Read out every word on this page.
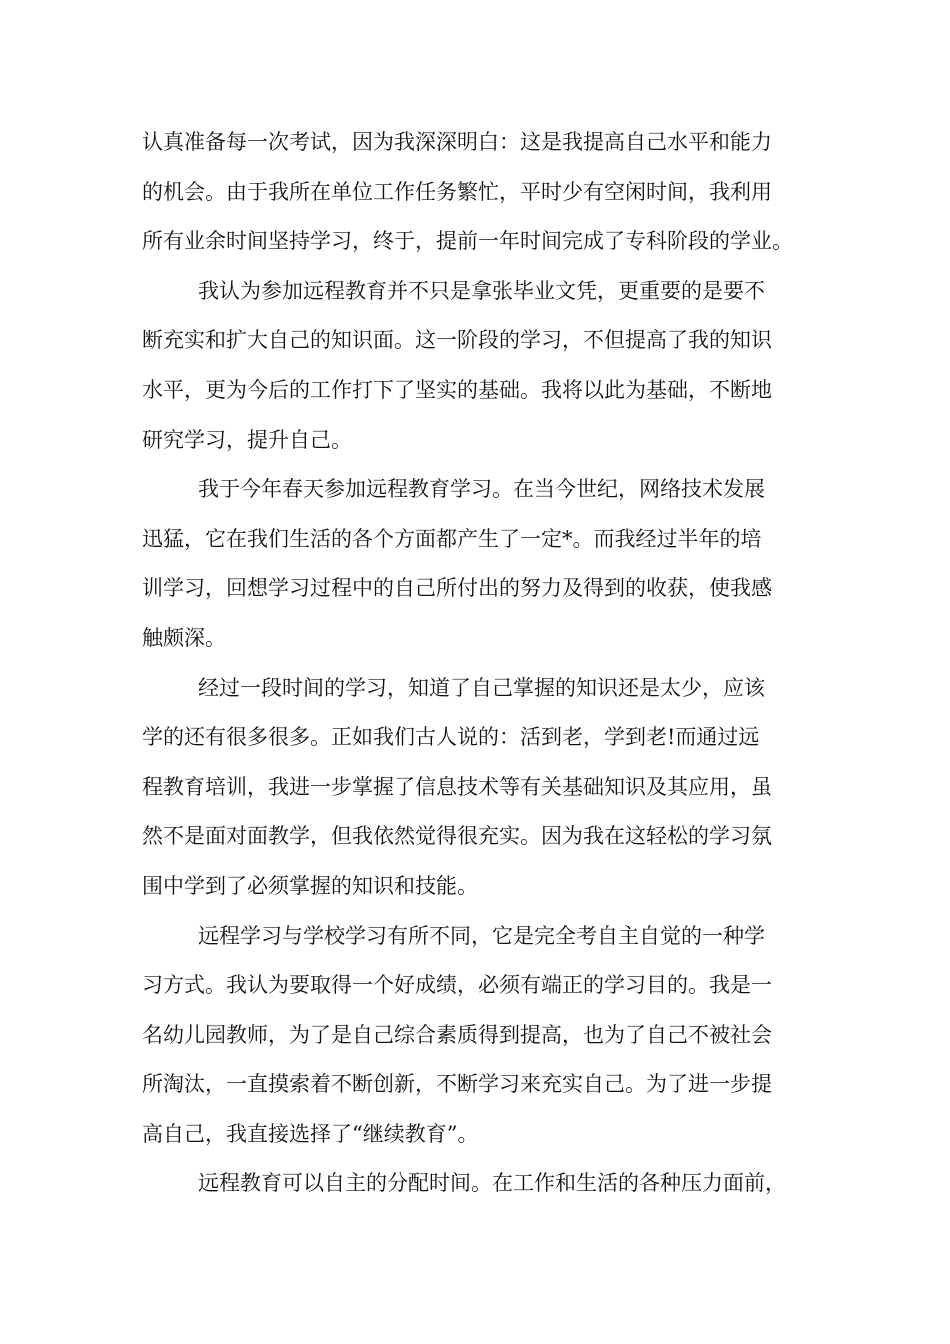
认真准备每一次考试，因为我深深明白：这是我提高自己水平和能力
的机会。由于我所在单位工作任务繁忙，平时少有空闲时间，我利用
所有业余时间坚持学习，终于，提前一年时间完成了专科阶段的学业。
我认为参加远程教育并不只是拿张毕业文凭，更重要的是要不
断充实和扩大自己的知识面。这一阶段的学习，不但提高了我的知识
水平，更为今后的工作打下了坚实的基础。我将以此为基础，不断地
研究学习，提升自己。
我于今年春天参加远程教育学习。在当今世纪，网络技术发展
迅猛，它在我们生活的各个方面都产生了一定*。而我经过半年的培
训学习，回想学习过程中的自己所付出的努力及得到的收获，使我感
触颇深。
经过一段时间的学习，知道了自己掌握的知识还是太少，应该
学的还有很多很多。正如我们古人说的：活到老，学到老!而通过远
程教育培训，我进一步掌握了信息技术等有关基础知识及其应用，虽
然不是面对面教学，但我依然觉得很充实。因为我在这轻松的学习氛
围中学到了必须掌握的知识和技能。
远程学习与学校学习有所不同，它是完全考自主自觉的一种学
习方式。我认为要取得一个好成绩，必须有端正的学习目的。我是一
名幼儿园教师，为了是自己综合素质得到提高，也为了自己不被社会
所淘汰，一直摸索着不断创新，不断学习来充实自己。为了进一步提
高自己，我直接选择了“继续教育”。
远程教育可以自主的分配时间。在工作和生活的各种压力面前，
